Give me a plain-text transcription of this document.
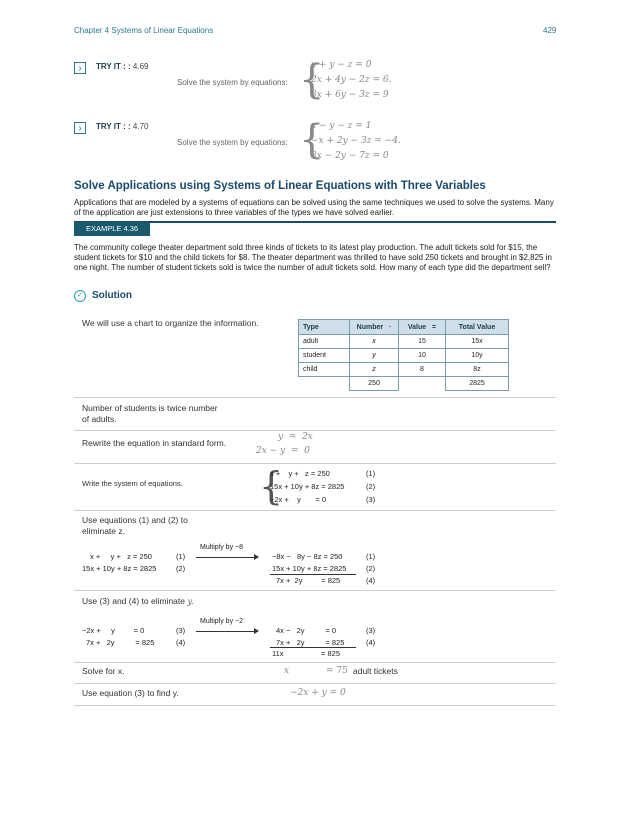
Chapter 4 Systems of Linear Equations	429
›	TRY IT : : 4.69
Solve the system by equations: {
x + y − z = 0
2x + 4y − 2z = 6.
3x + 6y − 3z = 9
›	TRY IT : : 4.70
Solve the system by equations: {
x − y − z = 1
−x + 2y − 3z = −4.
3x − 2y − 7z = 0
Solve Applications using Systems of Linear Equations with Three Variables
Applications that are modeled by a systems of equations can be solved using the same techniques we used to solve the systems. Many of the application are just extensions to three variables of the types we have solved earlier.
EXAMPLE 4.36
The community college theater department sold three kinds of tickets to its latest play production. The adult tickets sold for $15, the student tickets for $10 and the child tickets for $8. The theater department was thrilled to have sold 250 tickets and brought in $2,825 in one night. The number of student tickets sold is twice the number of adult tickets sold. How many of each type did the department sell?
✓ Solution
We will use a chart to organize the information.	Type	Number ·	Value =	Total Value
adult	x	15	15x
student	y	10	10y
child	z	8	8z
	250		2825
Number of students is twice number of adults.
Rewrite the equation in standard form.
y  =  2x
2x − y  =  0
Write the system of equations. {
x +    y +   z = 250	(1)
15x + 10y + 8z = 2825	(2)
−2x +    y       = 0	(3)
Use equations (1) and (2) to eliminate z.
x +     y +   z = 250	(1)
15x + 10y + 8z = 2825	(2)
Multiply by −8
−8x −   8y − 8z = 250	(1)
15x + 10y + 8z = 2825	(2)
7x +  2y         = 825	(4)
Use (3) and (4) to eliminate y.
−2x +     y         = 0	(3)
7x +   2y          = 825	(4)
Multiply by −2
4x −   2y          = 0	(3)
7x +   2y          = 825	(4)
11x                  = 825
Solve for x.	x	= 75 adult tickets
Use equation (3) to find y.	−2x + y = 0
